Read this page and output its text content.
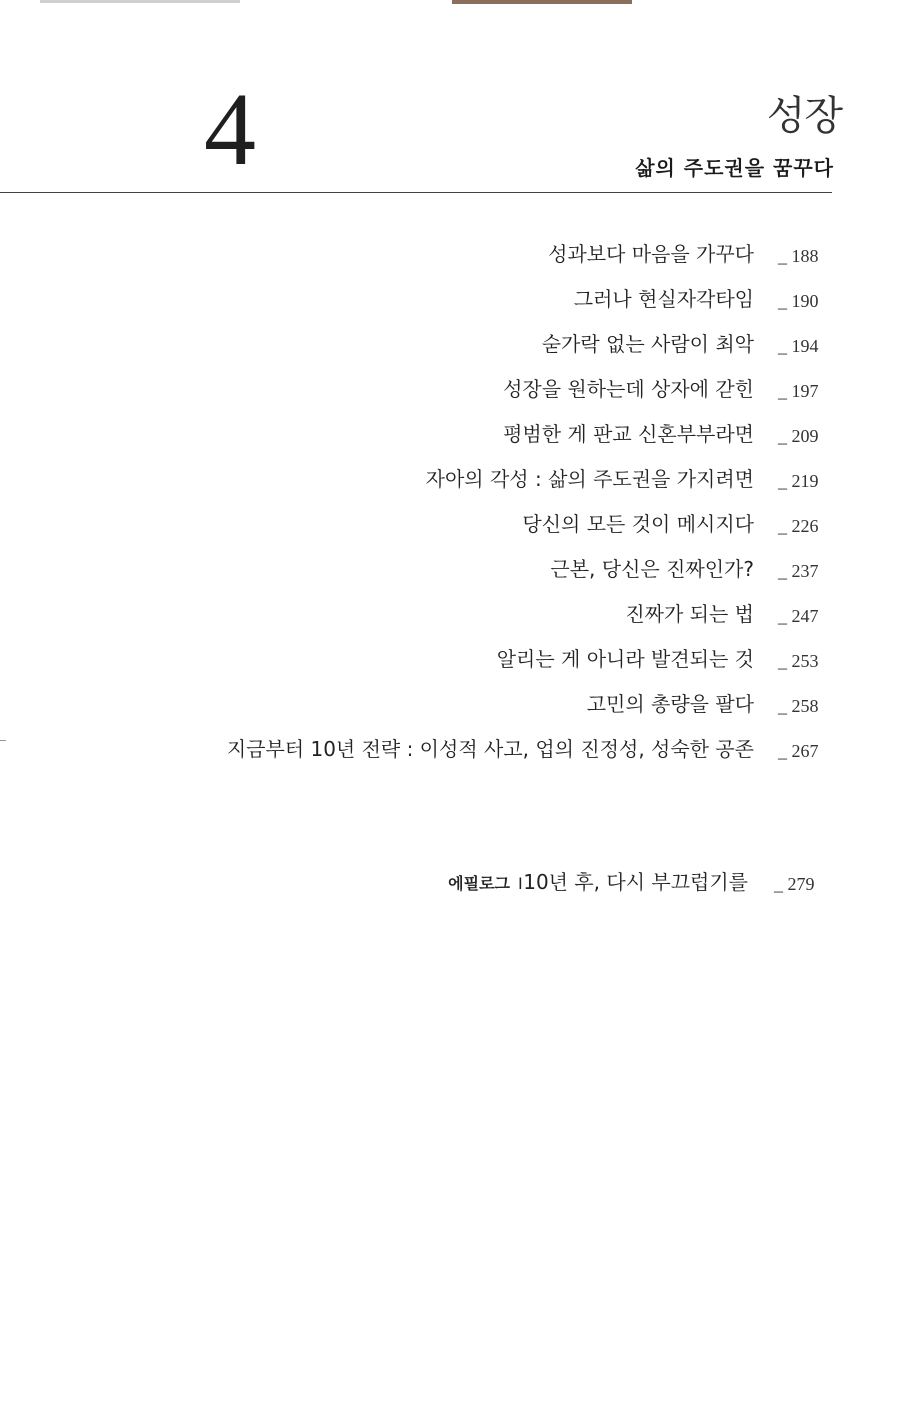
4	성장
삶의 주도권을 꿈꾸다
성과보다 마음을 가꾸다 _ 188
그러나 현실자각타임 _ 190
숟가락 없는 사람이 최악 _ 194
성장을 원하는데 상자에 갇힌 _ 197
평범한 게 판교 신혼부부라면 _ 209
자아의 각성 : 삶의 주도권을 가지려면 _ 219
당신의 모든 것이 메시지다 _ 226
근본, 당신은 진짜인가? _ 237
진짜가 되는 법 _ 247
알리는 게 아니라 발견되는 것 _ 253
고민의 총량을 팔다 _ 258
지금부터 10년 전략 : 이성적 사고, 업의 진정성, 성숙한 공존 _ 267
에필로그 I 10년 후, 다시 부끄럽기를 _ 279
